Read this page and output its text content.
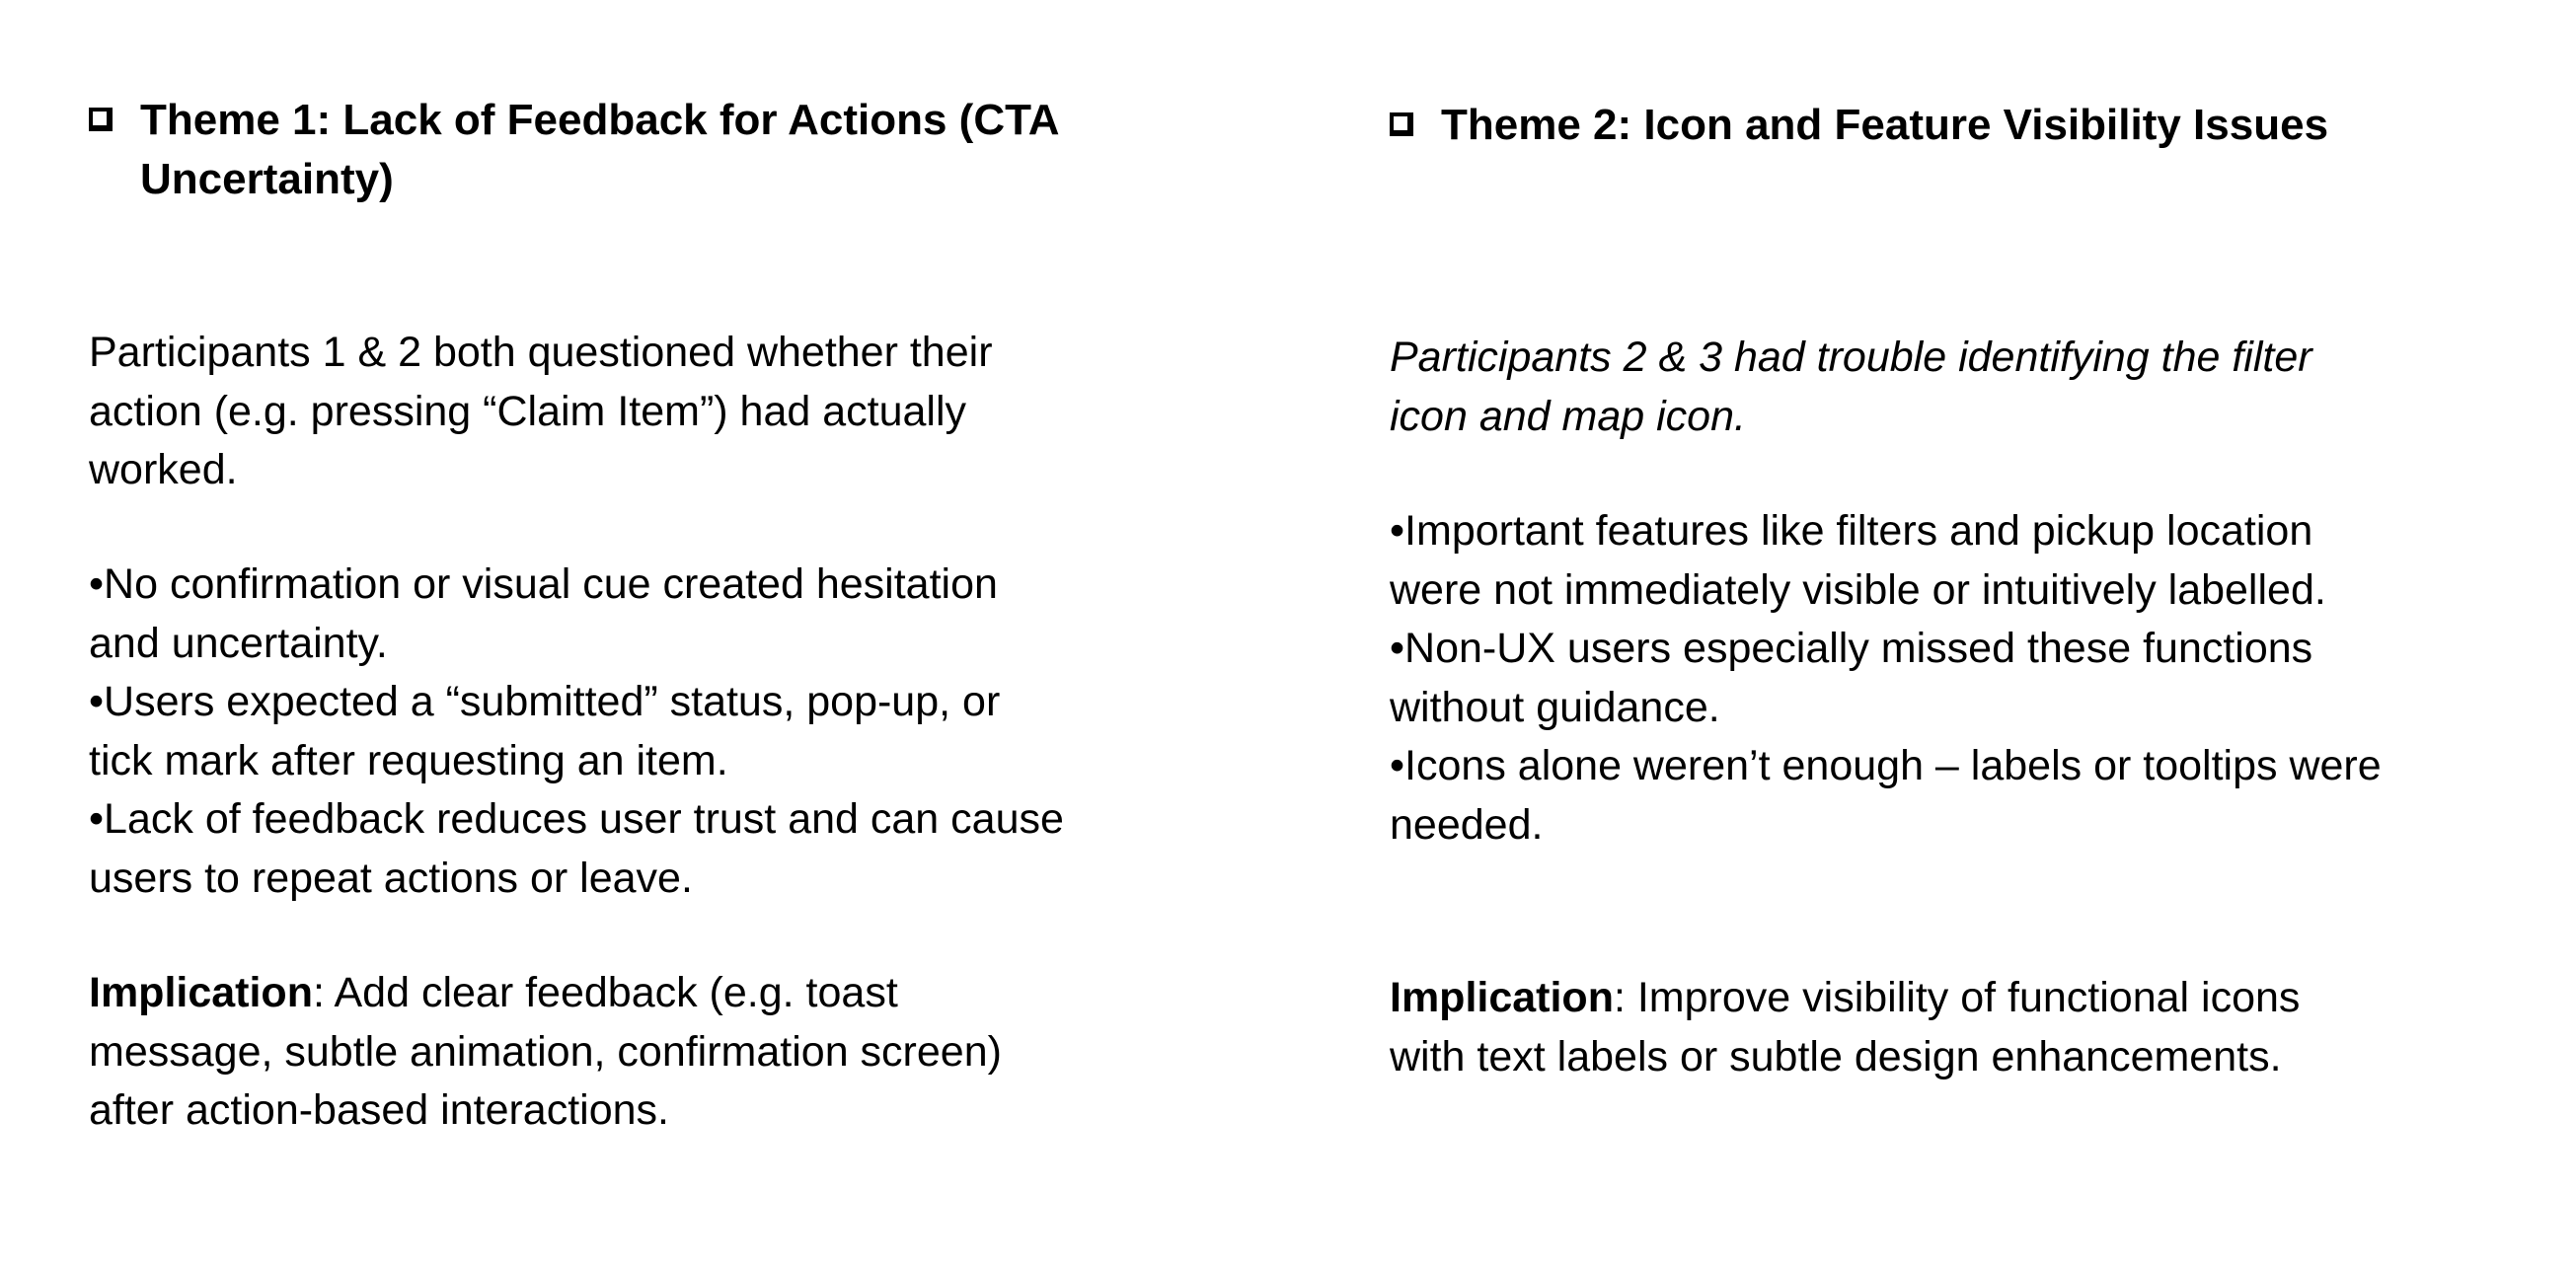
Theme 1: Lack of Feedback for Actions (CTA
Uncertainty)
Participants 1 & 2 both questioned whether their
action (e.g. pressing “Claim Item”) had actually
worked.
•No confirmation or visual cue created hesitation
and uncertainty.
•Users expected a “submitted” status, pop-up, or
tick mark after requesting an item.
•Lack of feedback reduces user trust and can cause
users to repeat actions or leave.
Implication: Add clear feedback (e.g. toast
message, subtle animation, confirmation screen)
after action-based interactions.
Theme 2: Icon and Feature Visibility Issues
Participants 2 & 3 had trouble identifying the filter
icon and map icon.
•Important features like filters and pickup location
were not immediately visible or intuitively labelled.
•Non-UX users especially missed these functions
without guidance.
•Icons alone weren’t enough – labels or tooltips were
needed.
Implication: Improve visibility of functional icons
with text labels or subtle design enhancements.
